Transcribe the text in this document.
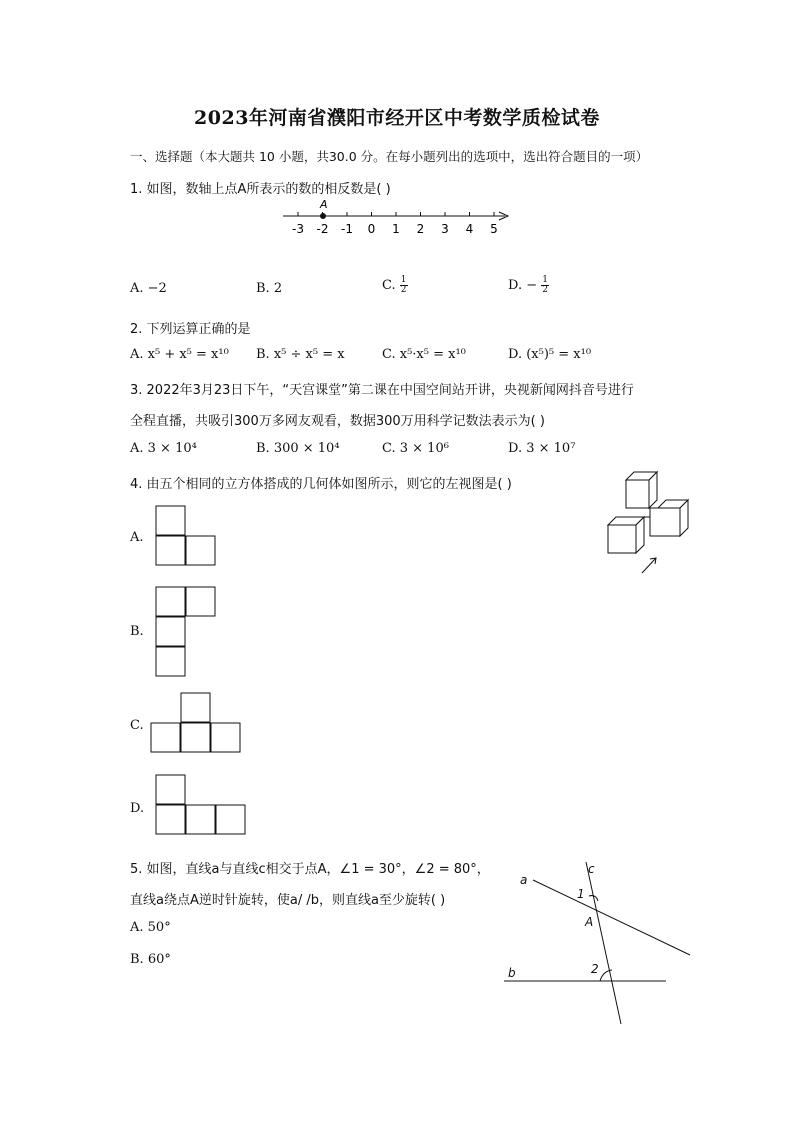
2023年河南省濮阳市经开区中考数学质检试卷
一、选择题（本大题共 10 小题，共30.0 分。在每小题列出的选项中，选出符合题目的一项）
1. 如图，数轴上点A所表示的数的相反数是( )
-3 -2 -1 0 1 2 3 4 5
A
A. −2	B. 2	C. $\frac{1}{2}$	D. − $\frac{1}{2}$
2. 下列运算正确的是
A. x⁵ + x⁵ = x¹⁰ B. x⁵ ÷ x⁵ = x	C. x⁵·x⁵ = x¹⁰	D. (x⁵)⁵ = x¹⁰
3. 2022年3月23日下午，“天宫课堂”第二课在中国空间站开讲，央视新闻网抖音号进行
全程直播，共吸引300万多网友观看，数据300万用科学记数法表示为( )
A. 3 × 10⁴	B. 300 × 10⁴	C. 3 × 10⁶	D. 3 × 10⁷
4. 由五个相同的立方体搭成的几何体如图所示，则它的左视图是( )
A.
B.
C.
D.
5. 如图，直线a与直线c相交于点A，∠1 = 30°，∠2 = 80°，
直线a绕点A逆时针旋转，使a/ /b，则直线a至少旋转( )
A. 50°
B. 60°
a
c
b
A
1
2
